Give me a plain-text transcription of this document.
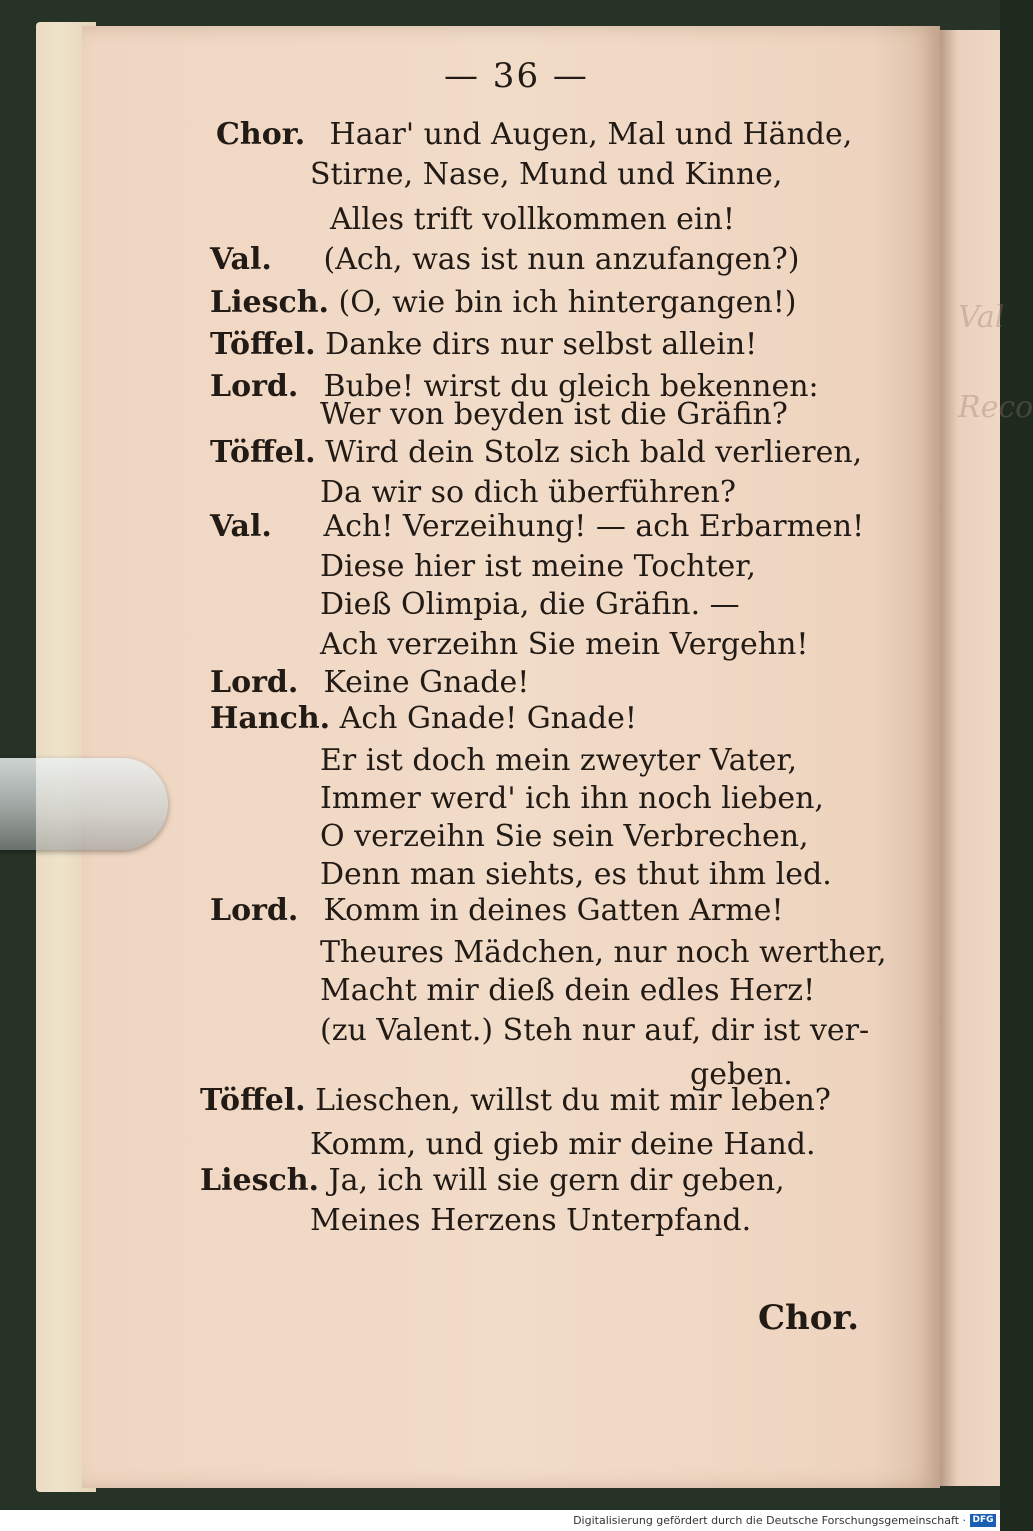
Val
Reco
— 36 —
Chor. Haar' und Augen, Mal und Hände,
Stirne, Nase, Mund und Kinne,
Alles trift vollkommen ein!
Val. (Ach, was ist nun anzufangen?)
Liesch. (O, wie bin ich hintergangen!)
Töffel. Danke dirs nur selbst allein!
Lord. Bube! wirst du gleich bekennen:
Wer von beyden ist die Gräfin?
Töffel. Wird dein Stolz sich bald verlieren,
Da wir so dich überführen?
Val. Ach! Verzeihung! — ach Erbarmen!
Diese hier ist meine Tochter,
Dieß Olimpia, die Gräfin. —
Ach verzeihn Sie mein Vergehn!
Lord. Keine Gnade!
Hanch. Ach Gnade! Gnade!
Er ist doch mein zweyter Vater,
Immer werd' ich ihn noch lieben,
O verzeihn Sie sein Verbrechen,
Denn man siehts, es thut ihm led.
Lord. Komm in deines Gatten Arme!
Theures Mädchen, nur noch werther,
Macht mir dieß dein edles Herz!
(zu Valent.) Steh nur auf, dir ist ver-
geben.
Töffel. Lieschen, willst du mit mir leben?
Komm, und gieb mir deine Hand.
Liesch. Ja, ich will sie gern dir geben,
Meines Herzens Unterpfand.
Chor.
Digitalisierung gefördert durch die Deutsche Forschungsgemeinschaft · DFG
